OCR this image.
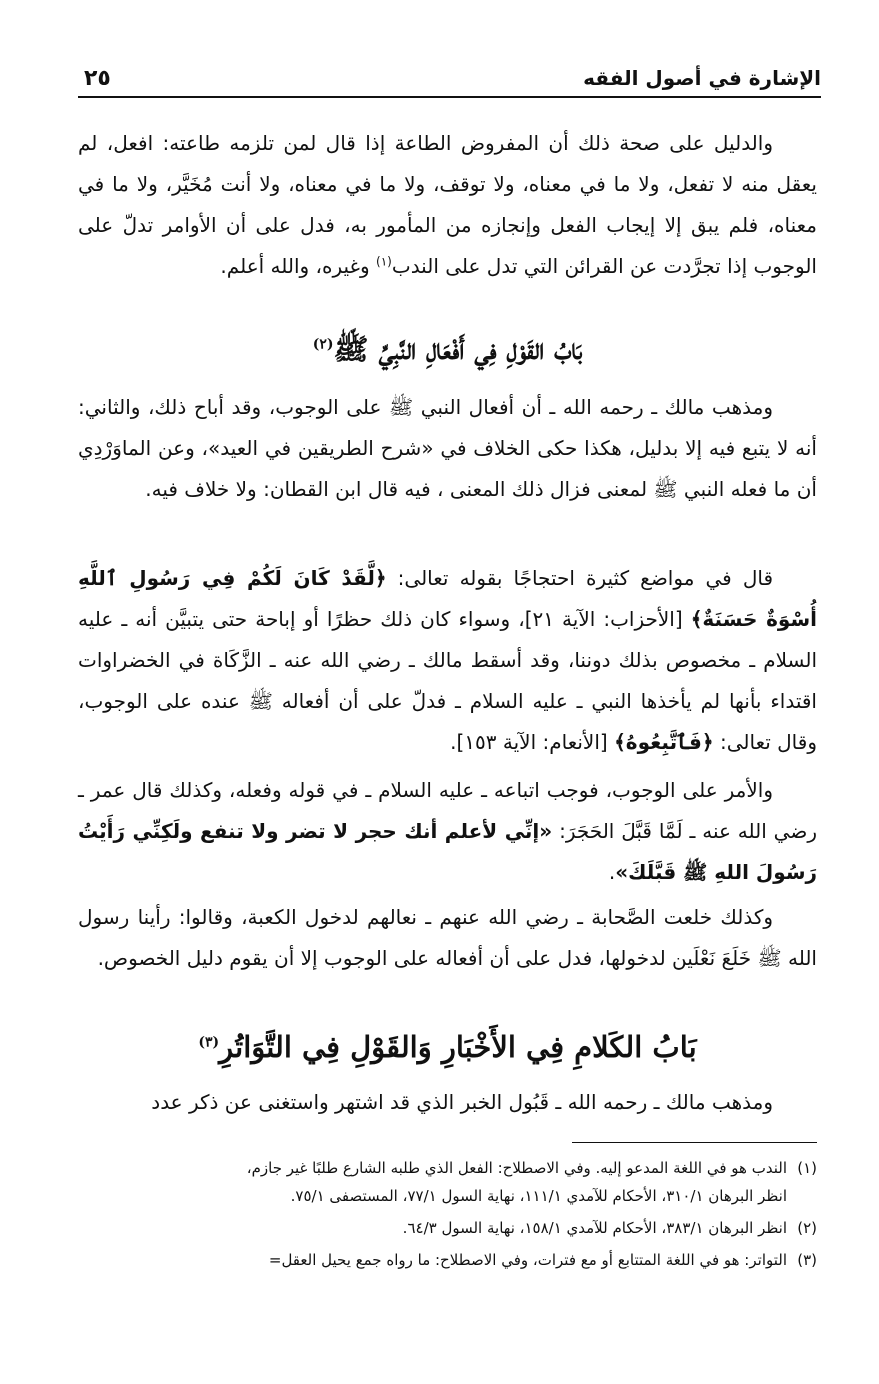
الإشارة في أصول الفقه
٢٥

والدليل على صحة ذلك أن المفروض الطاعة إذا قال لمن تلزمه طاعته: افعل، لم يعقل منه لا تفعل، ولا ما في معناه، ولا توقف، ولا ما في معناه، ولا أنت مُخَيَّر، ولا ما في معناه، فلم يبق إلا إيجاب الفعل وإنجازه من المأمور به، فدل على أن الأوامر تدلّ على الوجوب إذا تجرَّدت عن القرائن التي تدل على الندب$^{(١)}$ وغيره، والله أعلم.

بَابُ القَوْلِ فِي أَفْعَالِ النَّبِيِّ ﷺ$^{(٢)}$

ومذهب مالك ـ رحمه الله ـ أن أفعال النبي ﷺ على الوجوب، وقد أباح ذلك، والثاني: أنه لا يتبع فيه إلا بدليل، هكذا حكى الخلاف في «شرح الطريقين في العيد»، وعن الماوَرْدِي أن ما فعله النبي ﷺ لمعنى فزال ذلك المعنى ، فيه قال ابن القطان: ولا خلاف فيه.

قال في مواضع كثيرة احتجاجًا بقوله تعالى: ﴿لَّقَدْ كَانَ لَكُمْ فِي رَسُولِ ٱللَّهِ أُسْوَةٌ حَسَنَةٌ﴾ [الأحزاب: الآية ٢١]، وسواء كان ذلك حظرًا أو إباحة حتى يتبيَّن أنه ـ عليه السلام ـ مخصوص بذلك دوننا، وقد أسقط مالك ـ رضي الله عنه ـ الزَّكَاة في الخضراوات اقتداء بأنها لم يأخذها النبي ـ عليه السلام ـ فدلّ على أن أفعاله ﷺ عنده على الوجوب، وقال تعالى: ﴿فَٱتَّبِعُوهُ﴾ [الأنعام: الآية ١٥٣].

والأمر على الوجوب، فوجب اتباعه ـ عليه السلام ـ في قوله وفعله، وكذلك قال عمر ـ رضي الله عنه ـ لَمَّا قَبَّلَ الحَجَرَ: «إنِّي لأعلم أنك حجر لا تضر ولا تنفع ولَكِنِّي رَأَيْتُ رَسُولَ اللهِ ﷺ قَبَّلَكَ».

وكذلك خلعت الصَّحابة ـ رضي الله عنهم ـ نعالهم لدخول الكعبة، وقالوا: رأينا رسول الله ﷺ خَلَعَ نَعْلَين لدخولها، فدل على أن أفعاله على الوجوب إلا أن يقوم دليل الخصوص.

بَابُ الكَلامِ فِي الأَخْبَارِ وَالقَوْلِ فِي التَّوَاتُرِ$^{(٣)}$

ومذهب مالك ـ رحمه الله ـ قَبُول الخبر الذي قد اشتهر واستغنى عن ذكر عدد

(١)الندب هو في اللغة المدعو إليه. وفي الاصطلاح: الفعل الذي طلبه الشارع طلبًا غير جازم،
انظر البرهان ٣١٠/١، الأحكام للآمدي ١١١/١، نهاية السول ٧٧/١، المستصفى ٧٥/١.
(٢)انظر البرهان ٣٨٣/١، الأحكام للآمدي ١٥٨/١، نهاية السول ٦٤/٣.
(٣)التواتر: هو في اللغة المتتابع أو مع فترات، وفي الاصطلاح: ما رواه جمع يحيل العقل=
